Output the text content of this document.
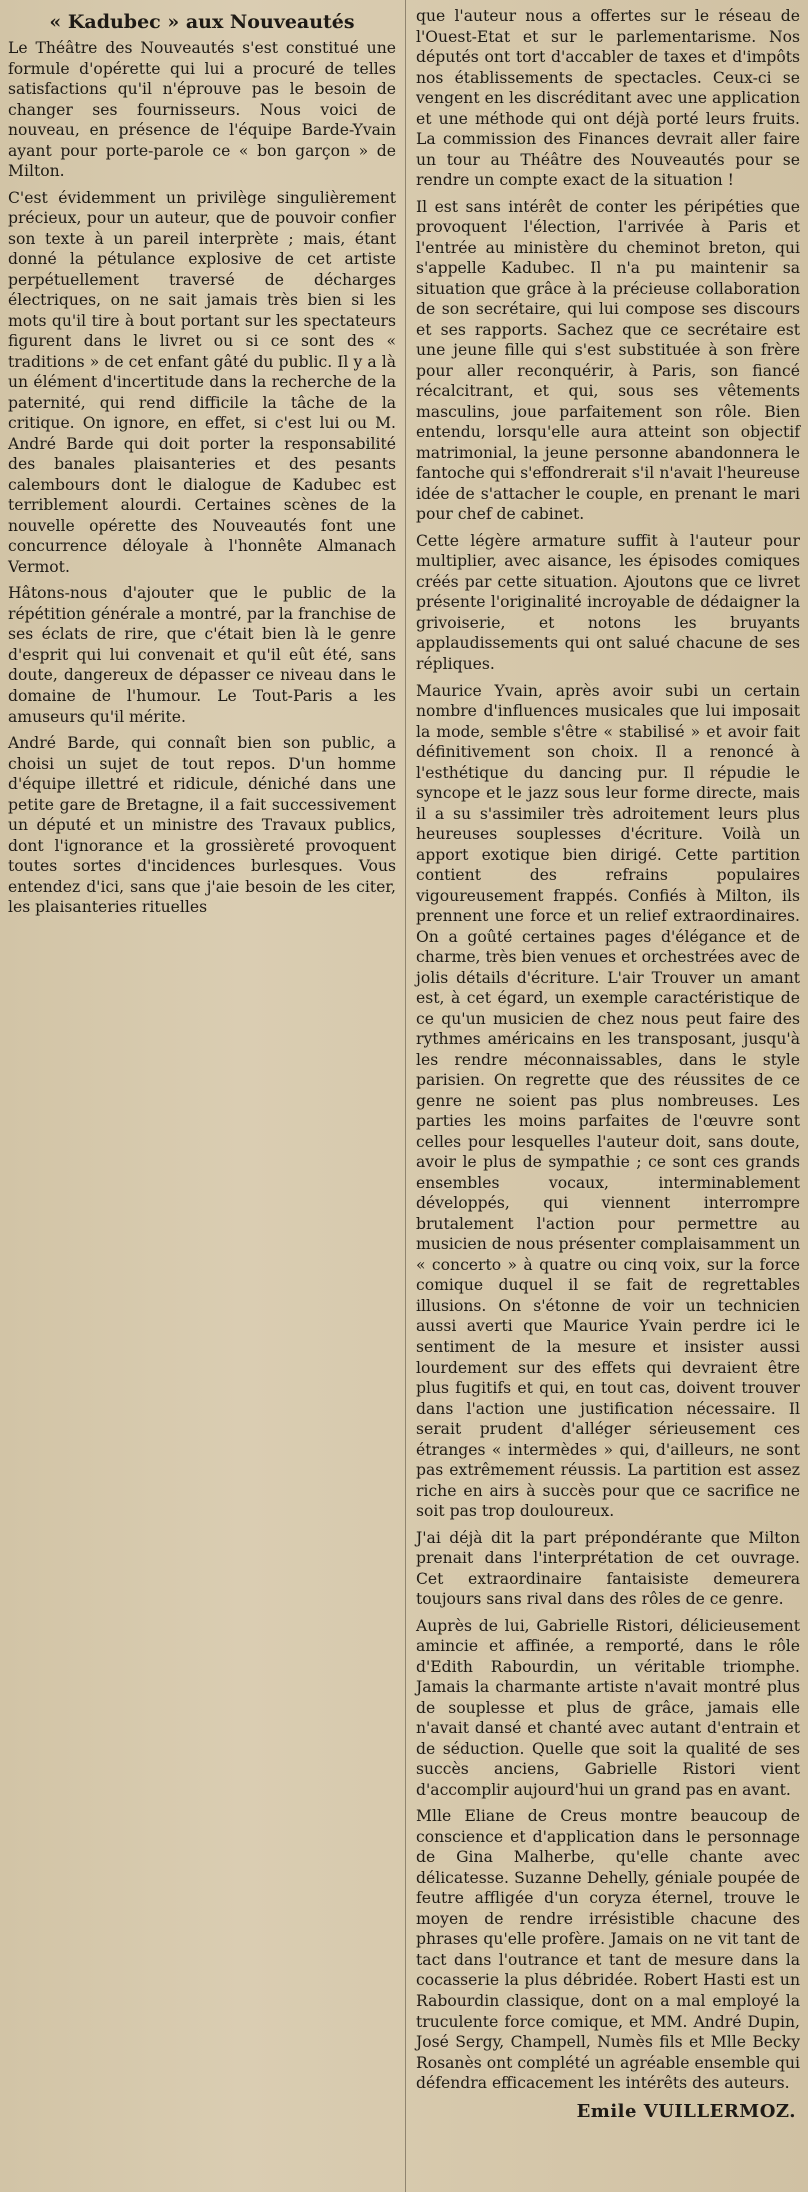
« Kadubec » aux Nouveautés

Le Théâtre des Nouveautés s'est constitué une formule d'opérette qui lui a procuré de telles satisfactions qu'il n'éprouve pas le besoin de changer ses fournisseurs. Nous voici de nouveau, en présence de l'équipe Barde-Yvain ayant pour porte-parole ce « bon garçon » de Milton.

C'est évidemment un privilège singulièrement précieux, pour un auteur, que de pouvoir confier son texte à un pareil interprète ; mais, étant donné la pétulance explosive de cet artiste perpétuellement traversé de décharges électriques, on ne sait jamais très bien si les mots qu'il tire à bout portant sur les spectateurs figurent dans le livret ou si ce sont des « traditions » de cet enfant gâté du public. Il y a là un élément d'incertitude dans la recherche de la paternité, qui rend difficile la tâche de la critique. On ignore, en effet, si c'est lui ou M. André Barde qui doit porter la responsabilité des banales plaisanteries et des pesants calembours dont le dialogue de Kadubec est terriblement alourdi. Certaines scènes de la nouvelle opérette des Nouveautés font une concurrence déloyale à l'honnête Almanach Vermot.

Hâtons-nous d'ajouter que le public de la répétition générale a montré, par la franchise de ses éclats de rire, que c'était bien là le genre d'esprit qui lui convenait et qu'il eût été, sans doute, dangereux de dépasser ce niveau dans le domaine de l'humour. Le Tout-Paris a les amuseurs qu'il mérite.

André Barde, qui connaît bien son public, a choisi un sujet de tout repos. D'un homme d'équipe illettré et ridicule, déniché dans une petite gare de Bretagne, il a fait successivement un député et un ministre des Travaux publics, dont l'ignorance et la grossièreté provoquent toutes sortes d'incidences burlesques. Vous entendez d'ici, sans que j'aie besoin de les citer, les plaisanteries rituelles

que l'auteur nous a offertes sur le réseau de l'Ouest-Etat et sur le parlementarisme. Nos députés ont tort d'accabler de taxes et d'impôts nos établissements de spectacles. Ceux-ci se vengent en les discréditant avec une application et une méthode qui ont déjà porté leurs fruits. La commission des Finances devrait aller faire un tour au Théâtre des Nouveautés pour se rendre un compte exact de la situation !

Il est sans intérêt de conter les péripéties que provoquent l'élection, l'arrivée à Paris et l'entrée au ministère du cheminot breton, qui s'appelle Kadubec. Il n'a pu maintenir sa situation que grâce à la précieuse collaboration de son secrétaire, qui lui compose ses discours et ses rapports. Sachez que ce secrétaire est une jeune fille qui s'est substituée à son frère pour aller reconquérir, à Paris, son fiancé récalcitrant, et qui, sous ses vêtements masculins, joue parfaitement son rôle. Bien entendu, lorsqu'elle aura atteint son objectif matrimonial, la jeune personne abandonnera le fantoche qui s'effondrerait s'il n'avait l'heureuse idée de s'attacher le couple, en prenant le mari pour chef de cabinet.

Cette légère armature suffit à l'auteur pour multiplier, avec aisance, les épisodes comiques créés par cette situation. Ajoutons que ce livret présente l'originalité incroyable de dédaigner la grivoiserie, et notons les bruyants applaudissements qui ont salué chacune de ses répliques.

Maurice Yvain, après avoir subi un certain nombre d'influences musicales que lui imposait la mode, semble s'être « stabilisé » et avoir fait définitivement son choix. Il a renoncé à l'esthétique du dancing pur. Il répudie le syncope et le jazz sous leur forme directe, mais il a su s'assimiler très adroitement leurs plus heureuses souplesses d'écriture. Voilà un apport exotique bien dirigé. Cette partition contient des refrains populaires vigoureusement frappés. Confiés à Milton, ils prennent une force et un relief extraordinaires. On a goûté certaines pages d'élégance et de charme, très bien venues et orchestrées avec de jolis détails d'écriture. L'air Trouver un amant est, à cet égard, un exemple caractéristique de ce qu'un musicien de chez nous peut faire des rythmes américains en les transposant, jusqu'à les rendre méconnaissables, dans le style parisien. On regrette que des réussites de ce genre ne soient pas plus nombreuses. Les parties les moins parfaites de l'œuvre sont celles pour lesquelles l'auteur doit, sans doute, avoir le plus de sympathie ; ce sont ces grands ensembles vocaux, interminablement développés, qui viennent interrompre brutalement l'action pour permettre au musicien de nous présenter complaisamment un « concerto » à quatre ou cinq voix, sur la force comique duquel il se fait de regrettables illusions. On s'étonne de voir un technicien aussi averti que Maurice Yvain perdre ici le sentiment de la mesure et insister aussi lourdement sur des effets qui devraient être plus fugitifs et qui, en tout cas, doivent trouver dans l'action une justification nécessaire. Il serait prudent d'alléger sérieusement ces étranges « intermèdes » qui, d'ailleurs, ne sont pas extrêmement réussis. La partition est assez riche en airs à succès pour que ce sacrifice ne soit pas trop douloureux.

J'ai déjà dit la part prépondérante que Milton prenait dans l'interprétation de cet ouvrage. Cet extraordinaire fantaisiste demeurera toujours sans rival dans des rôles de ce genre.

Auprès de lui, Gabrielle Ristori, délicieusement amincie et affinée, a remporté, dans le rôle d'Edith Rabourdin, un véritable triomphe. Jamais la charmante artiste n'avait montré plus de souplesse et plus de grâce, jamais elle n'avait dansé et chanté avec autant d'entrain et de séduction. Quelle que soit la qualité de ses succès anciens, Gabrielle Ristori vient d'accomplir aujourd'hui un grand pas en avant.

Mlle Eliane de Creus montre beaucoup de conscience et d'application dans le personnage de Gina Malherbe, qu'elle chante avec délicatesse. Suzanne Dehelly, géniale poupée de feutre affligée d'un coryza éternel, trouve le moyen de rendre irrésistible chacune des phrases qu'elle profère. Jamais on ne vit tant de tact dans l'outrance et tant de mesure dans la cocasserie la plus débridée. Robert Hasti est un Rabourdin classique, dont on a mal employé la truculente force comique, et MM. André Dupin, José Sergy, Champell, Numès fils et Mlle Becky Rosanès ont complété un agréable ensemble qui défendra efficacement les intérêts des auteurs.

Emile VUILLERMOZ.
